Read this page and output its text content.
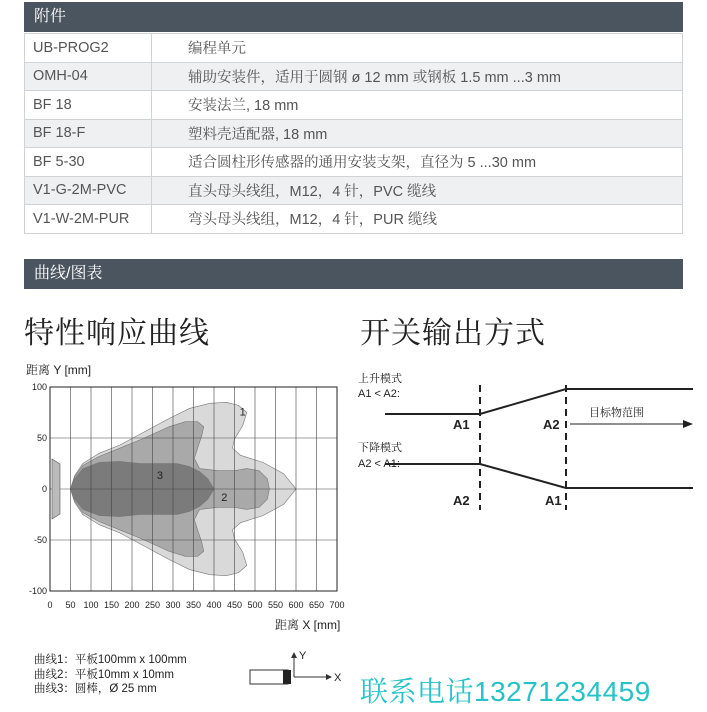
附件
UB-PROG2	编程单元
OMH-04	辅助安装件，适用于圆钢 ø 12 mm 或钢板 1.5 mm ...3 mm
BF 18	安装法兰, 18 mm
BF 18-F	塑料壳适配器, 18 mm
BF 5-30	适合圆柱形传感器的通用安装支架，直径为 5 ...30 mm
V1-G-2M-PVC	直头母头线组，M12，4 针，PVC 缆线
V1-W-2M-PUR	弯头母头线组，M12，4 针，PUR 缆线
曲线/图表
特性响应曲线	开关输出方式
距离 Y [mm]
距离 X [mm]
0 50 100 150 200 250 300 350 400 450 500 550 600 650 700
100
50
0
-50
-100
1
2
3
曲线1：平板100mm x 100mm
曲线2：平板10mm x 10mm
曲线3：圆棒，Ø 25 mm
Y
X
上升模式
A1 < A2:
下降模式
A2 < A1:
目标物范围
A1	A2
A2	A1
联系电话13271234459
